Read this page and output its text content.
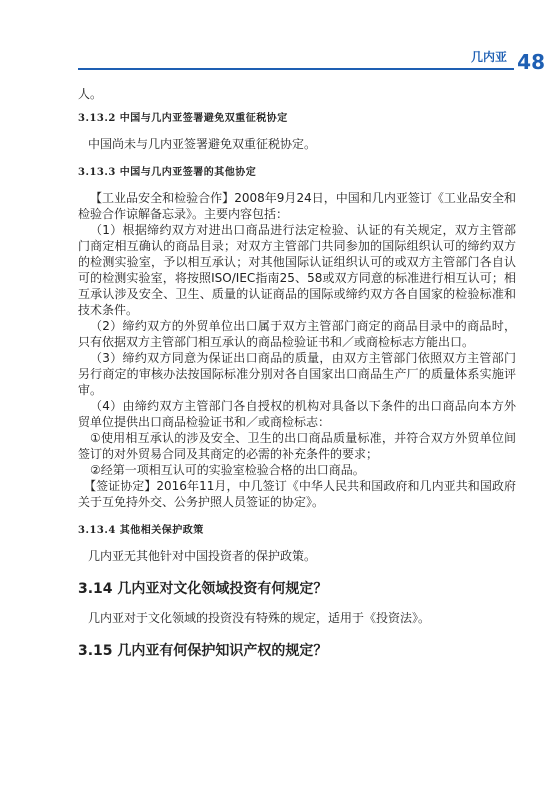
几内亚 48

人。

3.13.2 中国与几内亚签署避免双重征税协定

中国尚未与几内亚签署避免双重征税协定。

3.13.3 中国与几内亚签署的其他协定

【工业品安全和检验合作】2008年9月24日，中国和几内亚签订《工业品安全和检验合作谅解备忘录》。主要内容包括：

（1）根据缔约双方对进出口商品进行法定检验、认证的有关规定，双方主管部门商定相互确认的商品目录；对双方主管部门共同参加的国际组织认可的缔约双方的检测实验室，予以相互承认；对其他国际认证组织认可的或双方主管部门各自认可的检测实验室，将按照ISO/IEC指南25、58或双方同意的标准进行相互认可；相互承认涉及安全、卫生、质量的认证商品的国际或缔约双方各自国家的检验标准和技术条件。

（2）缔约双方的外贸单位出口属于双方主管部门商定的商品目录中的商品时，只有依据双方主管部门相互承认的商品检验证书和／或商检标志方能出口。

（3）缔约双方同意为保证出口商品的质量，由双方主管部门依照双方主管部门另行商定的审核办法按国际标准分别对各自国家出口商品生产厂的质量体系实施评审。

（4）由缔约双方主管部门各自授权的机构对具备以下条件的出口商品向本方外贸单位提供出口商品检验证书和／或商检标志：

①使用相互承认的涉及安全、卫生的出口商品质量标准，并符合双方外贸单位间签订的对外贸易合同及其商定的必需的补充条件的要求；

②经第一项相互认可的实验室检验合格的出口商品。

【签证协定】2016年11月，中几签订《中华人民共和国政府和几内亚共和国政府关于互免持外交、公务护照人员签证的协定》。

3.13.4 其他相关保护政策

几内亚无其他针对中国投资者的保护政策。

3.14 几内亚对文化领域投资有何规定？

几内亚对于文化领域的投资没有特殊的规定，适用于《投资法》。

3.15 几内亚有何保护知识产权的规定？
